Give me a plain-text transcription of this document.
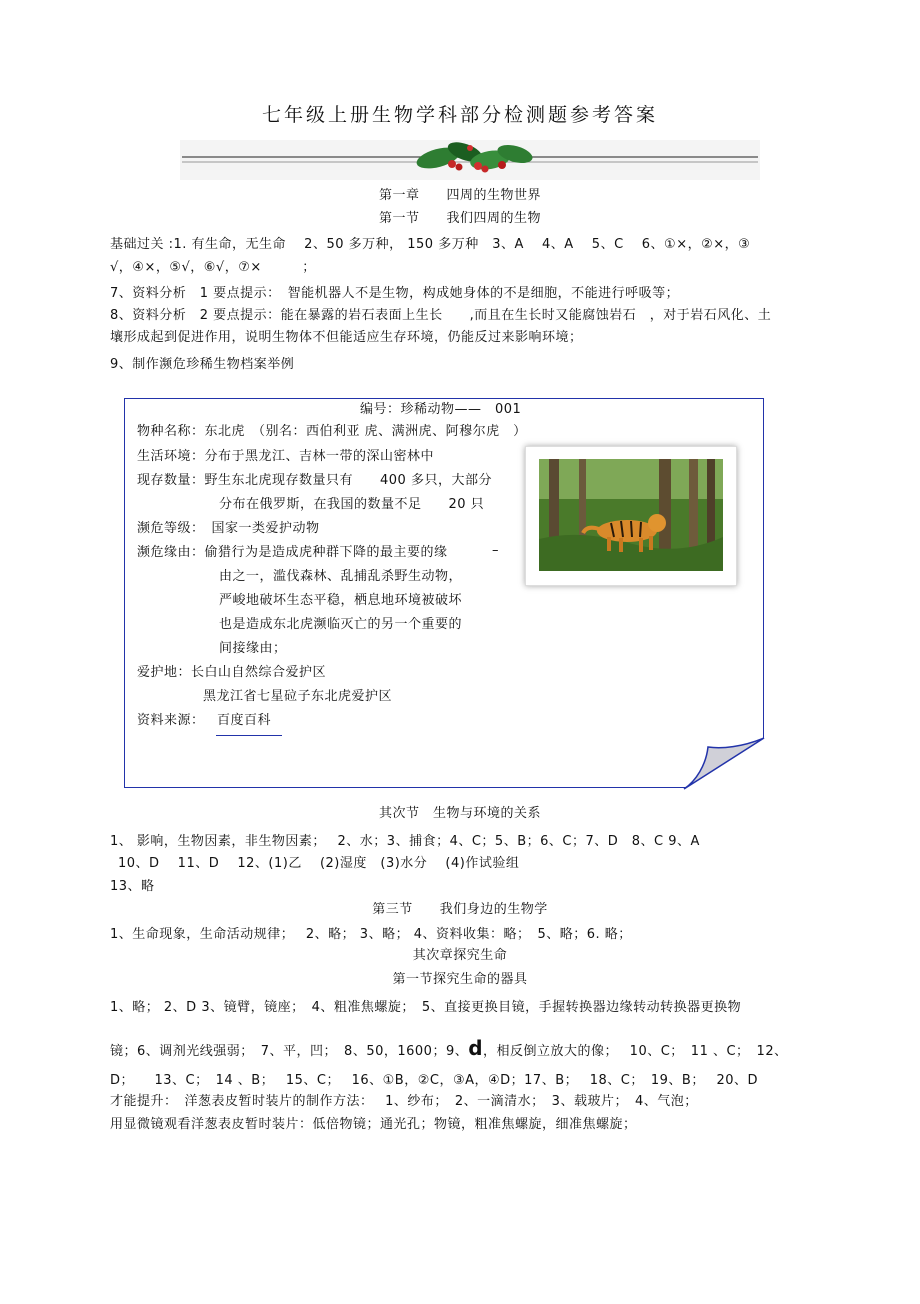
七年级上册生物学科部分检测题参考答案
第一章　　四周的生物世界
第一节　　我们四周的生物
基础过关 :1. 有生命，无生命　 2、50 多万种， 150 多万种　3、A　 4、A　 5、C　 6、①×，②×，③
√，④×，⑤√，⑥√，⑦×　　　；
7、资料分析　1 要点提示：　智能机器人不是生物，构成她身体的不是细胞，不能进行呼吸等；
8、资料分析　2 要点提示：能在暴露的岩石表面上生长　　,而且在生长时又能腐蚀岩石　，对于岩石风化、土
壤形成起到促进作用，说明生物体不但能适应生存环境，仍能反过来影响环境；
9、制作濒危珍稀生物档案举例
编号：珍稀动物——　001
物种名称：东北虎　（别名：西伯利亚 虎、满洲虎、阿穆尔虎　）
生活环境：分布于黑龙江、吉林一带的深山密林中
现存数量：野生东北虎现存数量只有　　400 多只，大部分
分布在俄罗斯，在我国的数量不足　　20 只
濒危等级：　国家一类爱护动物
濒危缘由：偷猎行为是造成虎种群下降的最主要的缘	–
由之一，滥伐森林、乱捕乱杀野生动物，
严峻地破坏生态平稳，栖息地环境被破坏
也是造成东北虎濒临灭亡的另一个重要的
间接缘由；
爱护地：长白山自然综合爱护区
黑龙江省七星砬子东北虎爱护区
资料来源： 百度百科
其次节　生物与环境的关系
1、 影响，生物因素，非生物因素；　 2、水；3、捕食；4、C；5、B；6、C；7、D　8、C 9、A
10、D　 11、D　 12、(1)乙　 (2)湿度　(3)水分　 (4)作试验组
13、略
第三节　　我们身边的生物学
1、生命现象，生命活动规律；　 2、略； 3、略； 4、资料收集：略；　5、略；6. 略；
其次章探究生命
第一节探究生命的器具
1、略； 2、D 3、镜臂，镜座；　4、粗准焦螺旋；　5、直接更换目镜，手握转换器边缘转动转换器更换物
镜；6、调剂光线强弱；　7、平，凹；　8、50，1600；9、d，相反倒立放大的像；　 10、C；　11 、C；　12、
D；　　13、C；　14 、B；　 15、C；　 16、①B，②C，③A，④D；17、B；　 18、C；　19、B；　 20、D
才能提升：　洋葱表皮暂时装片的制作方法：　 1、纱布；　2、一滴清水；　3、载玻片；　4、气泡；
用显微镜观看洋葱表皮暂时装片：低倍物镜；通光孔；物镜，粗准焦螺旋，细准焦螺旋；
